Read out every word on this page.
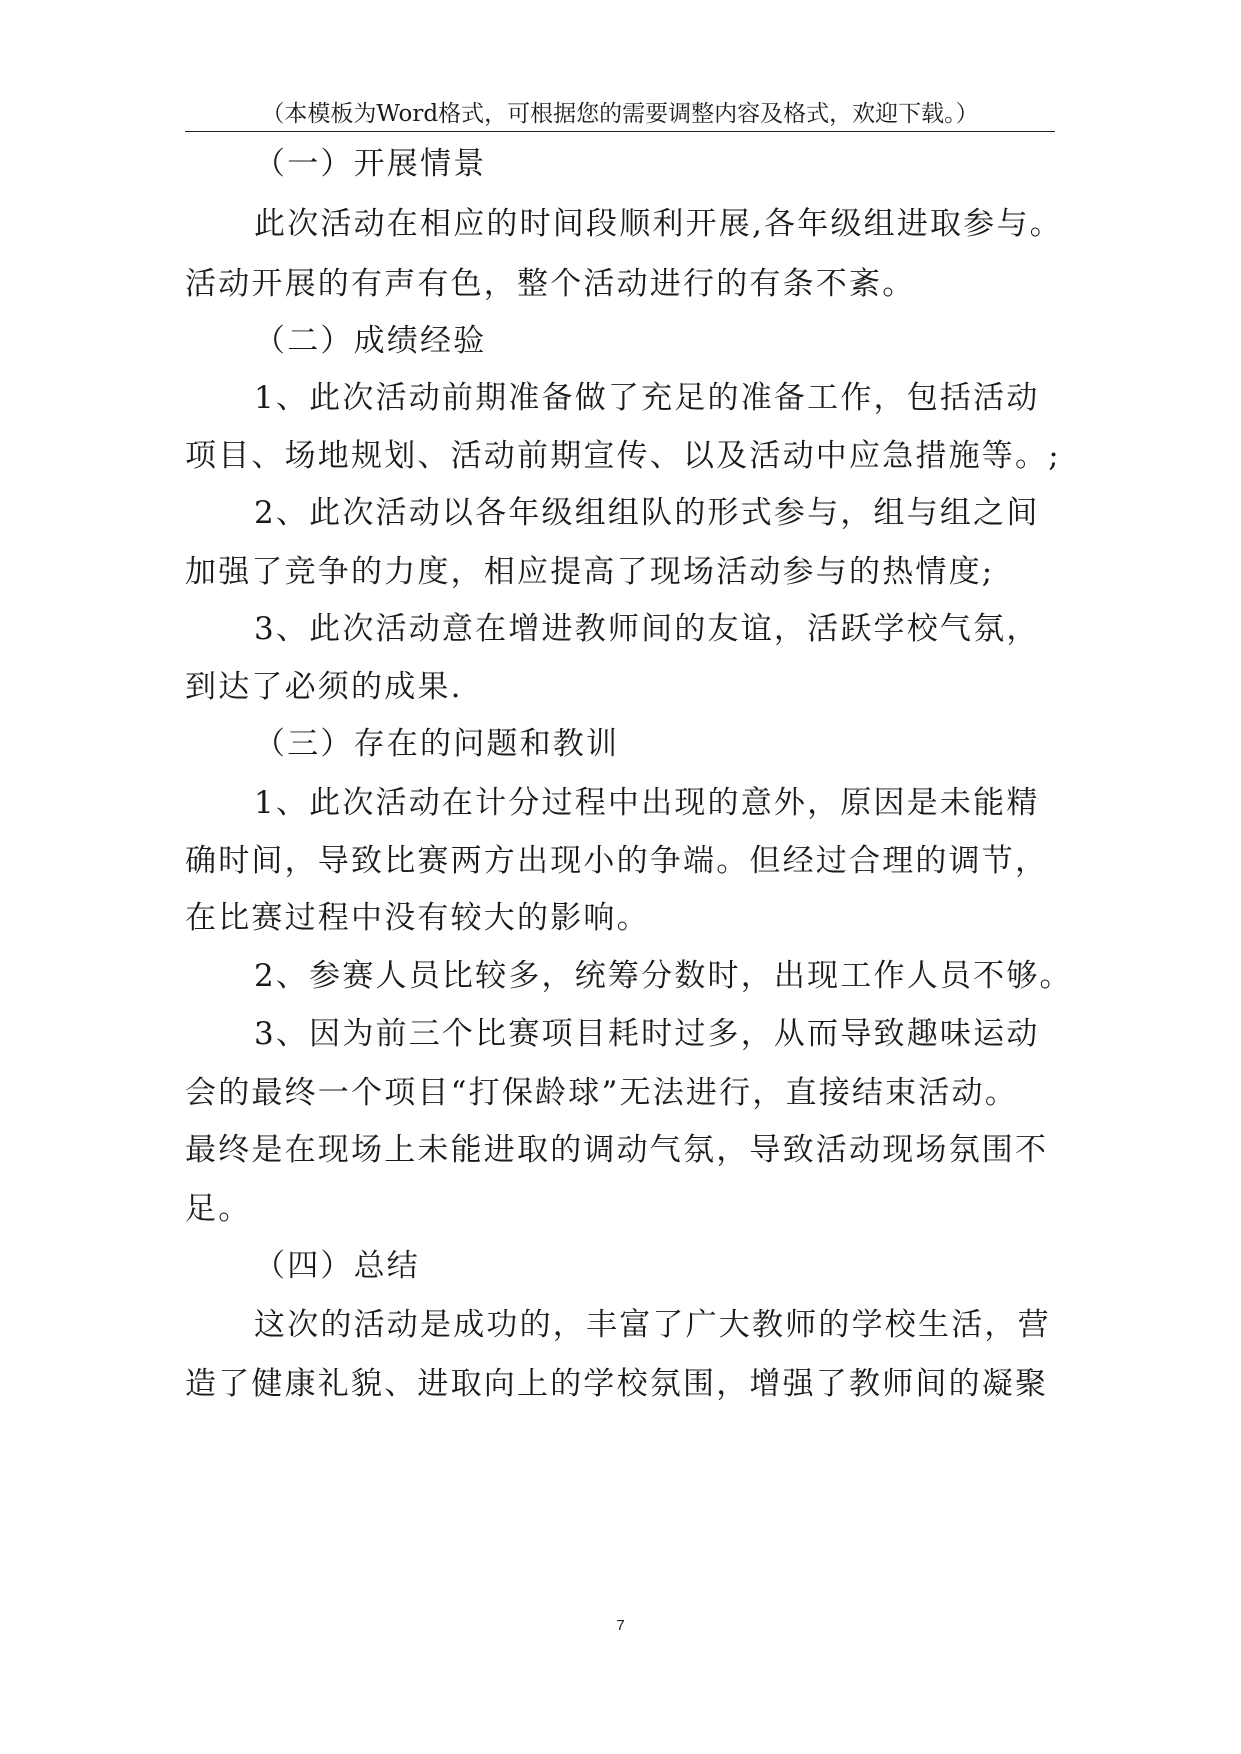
（本模板为Word格式，可根据您的需要调整内容及格式，欢迎下载。）
（一）开展情景
此次活动在相应的时间段顺利开展,各年级组进取参与。
活动开展的有声有色，整个活动进行的有条不紊。
（二）成绩经验
1、此次活动前期准备做了充足的准备工作，包括活动
项目、场地规划、活动前期宣传、以及活动中应急措施等。;
2、此次活动以各年级组组队的形式参与，组与组之间
加强了竞争的力度，相应提高了现场活动参与的热情度;
3、此次活动意在增进教师间的友谊，活跃学校气氛，
到达了必须的成果.
（三）存在的问题和教训
1、此次活动在计分过程中出现的意外，原因是未能精
确时间，导致比赛两方出现小的争端。但经过合理的调节，
在比赛过程中没有较大的影响。
2、参赛人员比较多，统筹分数时，出现工作人员不够。
3、因为前三个比赛项目耗时过多，从而导致趣味运动
会的最终一个项目“打保龄球”无法进行，直接结束活动。
最终是在现场上未能进取的调动气氛，导致活动现场氛围不
足。
（四）总结
这次的活动是成功的，丰富了广大教师的学校生活，营
造了健康礼貌、进取向上的学校氛围，增强了教师间的凝聚
7
